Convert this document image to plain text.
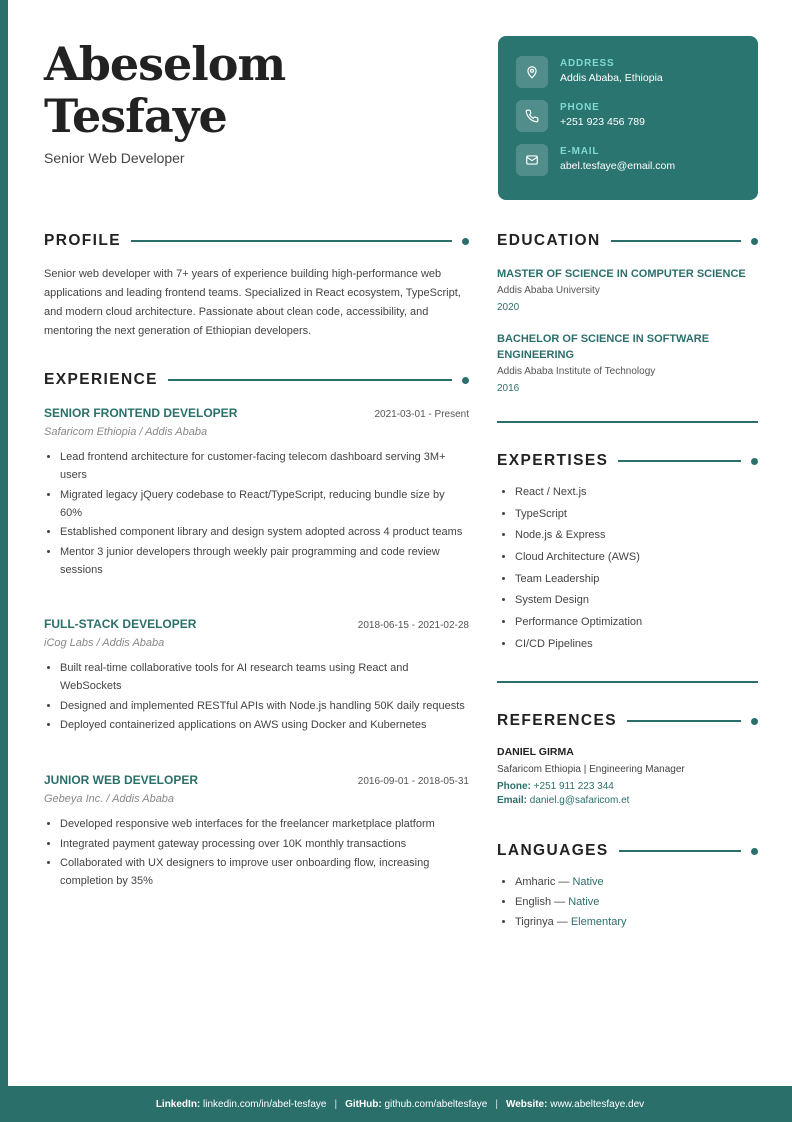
Abeselom
Tesfaye
Senior Web Developer
ADDRESS
Addis Ababa, Ethiopia
PHONE
+251 923 456 789
E-MAIL
abel.tesfaye@email.com
PROFILE
Senior web developer with 7+ years of experience building high-performance web applications and leading frontend teams. Specialized in React ecosystem, TypeScript, and modern cloud architecture. Passionate about clean code, accessibility, and mentoring the next generation of Ethiopian developers.
EXPERIENCE
SENIOR FRONTEND DEVELOPER	2021-03-01 - Present
Safaricom Ethiopia / Addis Ababa
• Lead frontend architecture for customer-facing telecom dashboard serving 3M+ users
• Migrated legacy jQuery codebase to React/TypeScript, reducing bundle size by 60%
• Established component library and design system adopted across 4 product teams
• Mentor 3 junior developers through weekly pair programming and code review sessions
FULL-STACK DEVELOPER	2018-06-15 - 2021-02-28
iCog Labs / Addis Ababa
• Built real-time collaborative tools for AI research teams using React and WebSockets
• Designed and implemented RESTful APIs with Node.js handling 50K daily requests
• Deployed containerized applications on AWS using Docker and Kubernetes
JUNIOR WEB DEVELOPER	2016-09-01 - 2018-05-31
Gebeya Inc. / Addis Ababa
• Developed responsive web interfaces for the freelancer marketplace platform
• Integrated payment gateway processing over 10K monthly transactions
• Collaborated with UX designers to improve user onboarding flow, increasing completion by 35%
EDUCATION
MASTER OF SCIENCE IN COMPUTER SCIENCE
Addis Ababa University
2020
BACHELOR OF SCIENCE IN SOFTWARE ENGINEERING
Addis Ababa Institute of Technology
2016
EXPERTISES
• React / Next.js
• TypeScript
• Node.js & Express
• Cloud Architecture (AWS)
• Team Leadership
• System Design
• Performance Optimization
• CI/CD Pipelines
REFERENCES
DANIEL GIRMA
Safaricom Ethiopia | Engineering Manager
Phone: +251 911 223 344
Email: daniel.g@safaricom.et
LANGUAGES
• Amharic — Native
• English — Native
• Tigrinya — Elementary
LinkedIn:
linkedin.com/in/abel-tesfaye | GitHub:
github.com/abeltesfaye | Website:
www.abeltesfaye.dev
